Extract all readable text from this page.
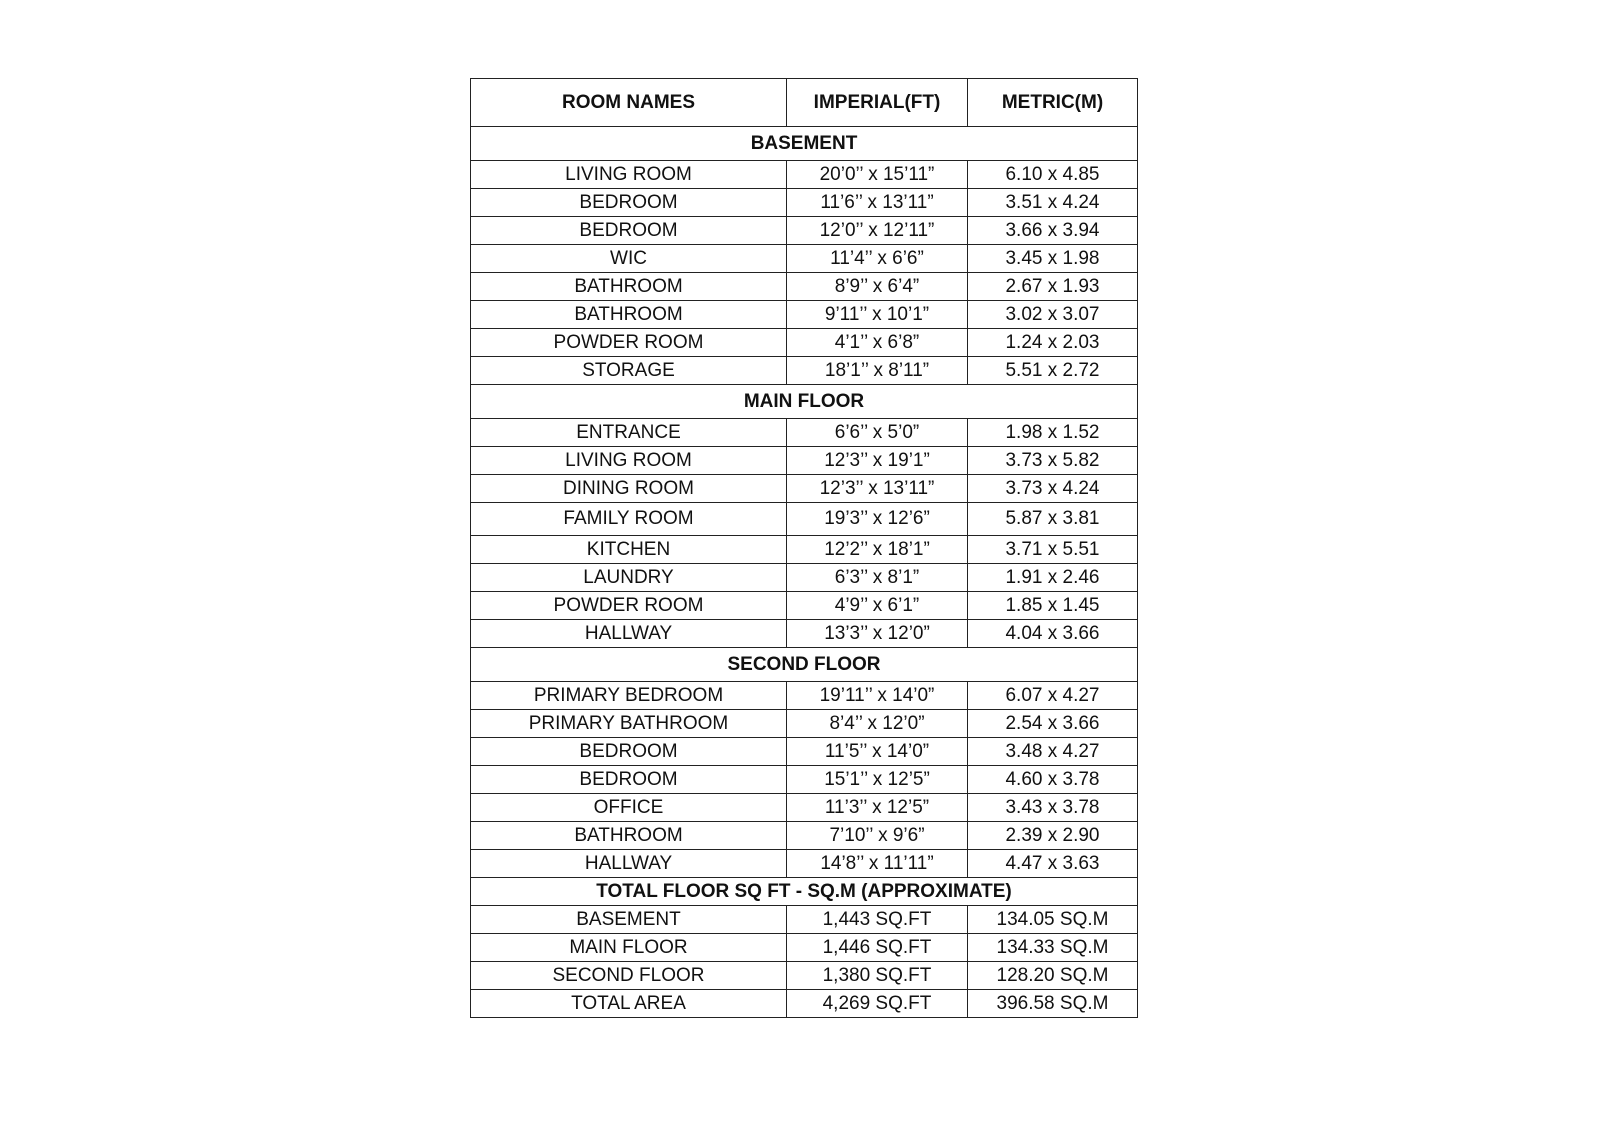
ROOM NAMES	IMPERIAL(FT)	METRIC(M)
BASEMENT		
LIVING ROOM	20’0’’ x 15’11”	6.10 x 4.85
BEDROOM	11’6’’ x 13’11”	3.51 x 4.24
BEDROOM	12’0’’ x 12’11”	3.66 x 3.94
WIC	11’4’’ x 6’6”	3.45 x 1.98
BATHROOM	8’9’’ x 6’4”	2.67 x 1.93
BATHROOM	9’11’’ x 10’1”	3.02 x 3.07
POWDER ROOM	4’1’’ x 6’8”	1.24 x 2.03
STORAGE	18’1’’ x 8’11”	5.51 x 2.72
MAIN FLOOR		
ENTRANCE	6’6’’ x 5’0”	1.98 x 1.52
LIVING ROOM	12’3’’ x 19’1”	3.73 x 5.82
DINING ROOM	12’3’’ x 13’11”	3.73 x 4.24
FAMILY ROOM	19’3’’ x 12’6”	5.87 x 3.81
KITCHEN	12’2’’ x 18’1”	3.71 x 5.51
LAUNDRY	6’3’’ x 8’1”	1.91 x 2.46
POWDER ROOM	4’9’’ x 6’1”	1.85 x 1.45
HALLWAY	13’3’’ x 12’0”	4.04 x 3.66
SECOND FLOOR		
PRIMARY BEDROOM	19’11’’ x 14’0”	6.07 x 4.27
PRIMARY BATHROOM	8’4’’ x 12’0”	2.54 x 3.66
BEDROOM	11’5’’ x 14’0”	3.48 x 4.27
BEDROOM	15’1’’ x 12’5”	4.60 x 3.78
OFFICE	11’3’’ x 12’5”	3.43 x 3.78
BATHROOM	7’10’’ x 9’6”	2.39 x 2.90
HALLWAY	14’8’’ x 11’11”	4.47 x 3.63
TOTAL FLOOR SQ FT - SQ.M (APPROXIMATE)		
BASEMENT	1,443 SQ.FT	134.05 SQ.M
MAIN FLOOR	1,446 SQ.FT	134.33 SQ.M
SECOND FLOOR	1,380 SQ.FT	128.20 SQ.M
TOTAL AREA	4,269 SQ.FT	396.58 SQ.M
